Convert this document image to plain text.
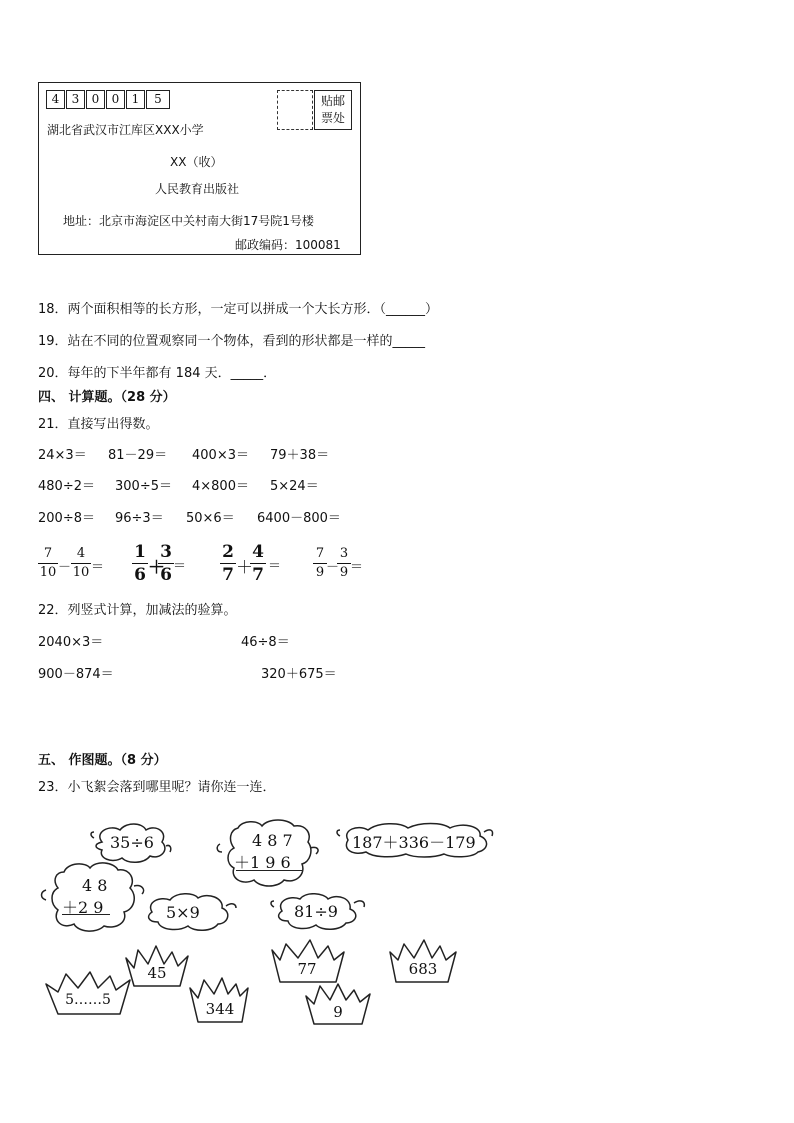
4	3	0	0	1	5	贴邮
票处
湖北省武汉市江库区XXX小学
XX（收）
人民教育出版社
地址：北京市海淀区中关村南大街17号院1号楼
邮政编码：100081
18．两个面积相等的长方形，一定可以拼成一个大长方形．（______）
19．站在不同的位置观察同一个物体，看到的形状都是一样的_____
20．每年的下半年都有 184 天．_____．
四、 计算题。（28 分）
21．直接写出得数。
24×3＝ 81－29＝ 400×3＝ 79＋38＝
480÷2＝ 300÷5＝ 4×800＝ 5×24＝
200÷8＝ 96÷3＝ 50×6＝ 6400－800＝
7
10 －
4
10 ＝
1
6 ＋
3
6 ＝
2
7 ＋
4
7 ＝
7
9 －
3
9 ＝
22．列竖式计算，加减法的验算。
2040×3＝	46÷8＝
900－874＝	320＋675＝
五、 作图题。（8 分）
23．小飞絮会落到哪里呢？请你连一连．
35÷6	4 8 7
＋1 9 6
187＋336－179
4 8
＋2 9	5×9	81÷9
45	77	683
5……5	344	9
